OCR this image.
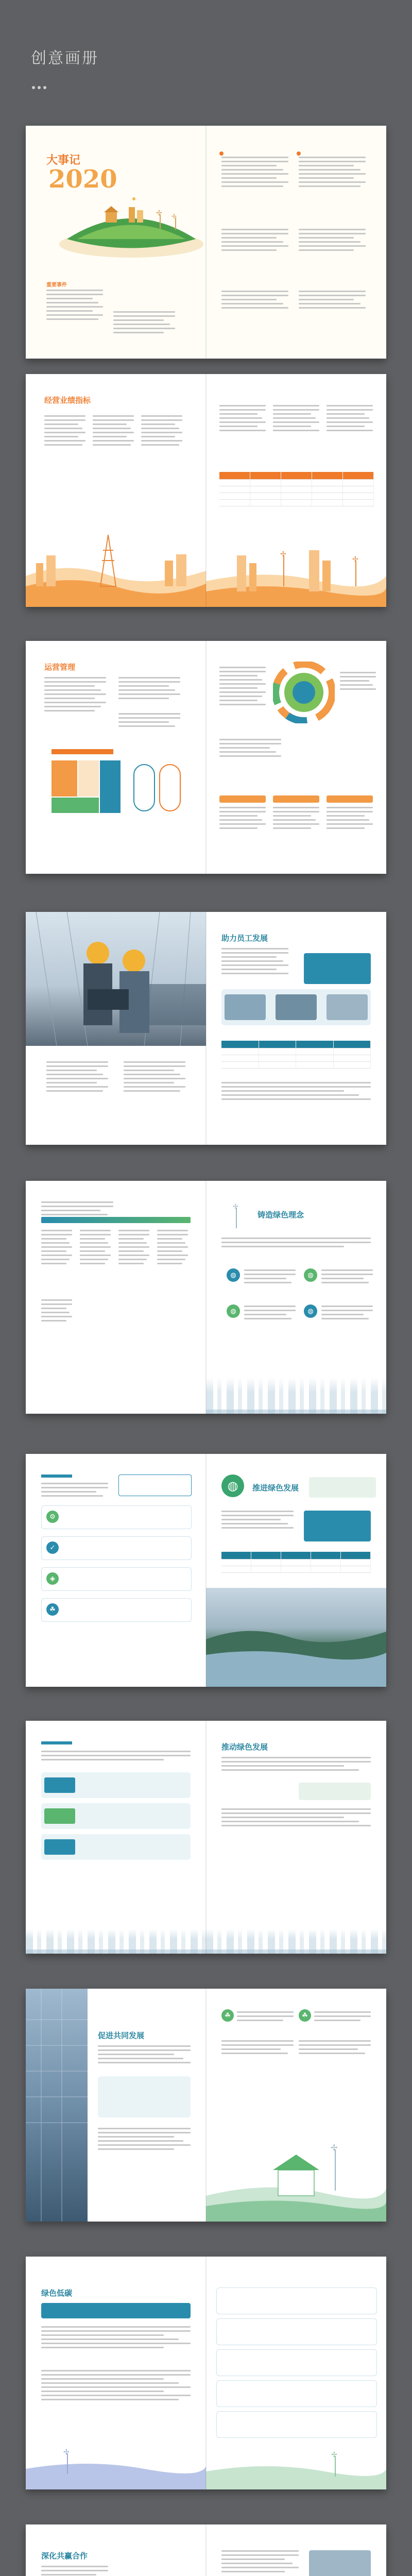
创意画册
大事记
2020
✢ ✢
重要事件
经营业绩指标
✢
✢
运营管理
助力员工发展
✢
铸造绿色理念
◍	◍
◍	◍
⚙
✓
◈
☘
◍	推进绿色发展
推动绿色发展
促进共同发展
☘	☘
✢
绿色低碳
✢	✢
深化共赢合作
